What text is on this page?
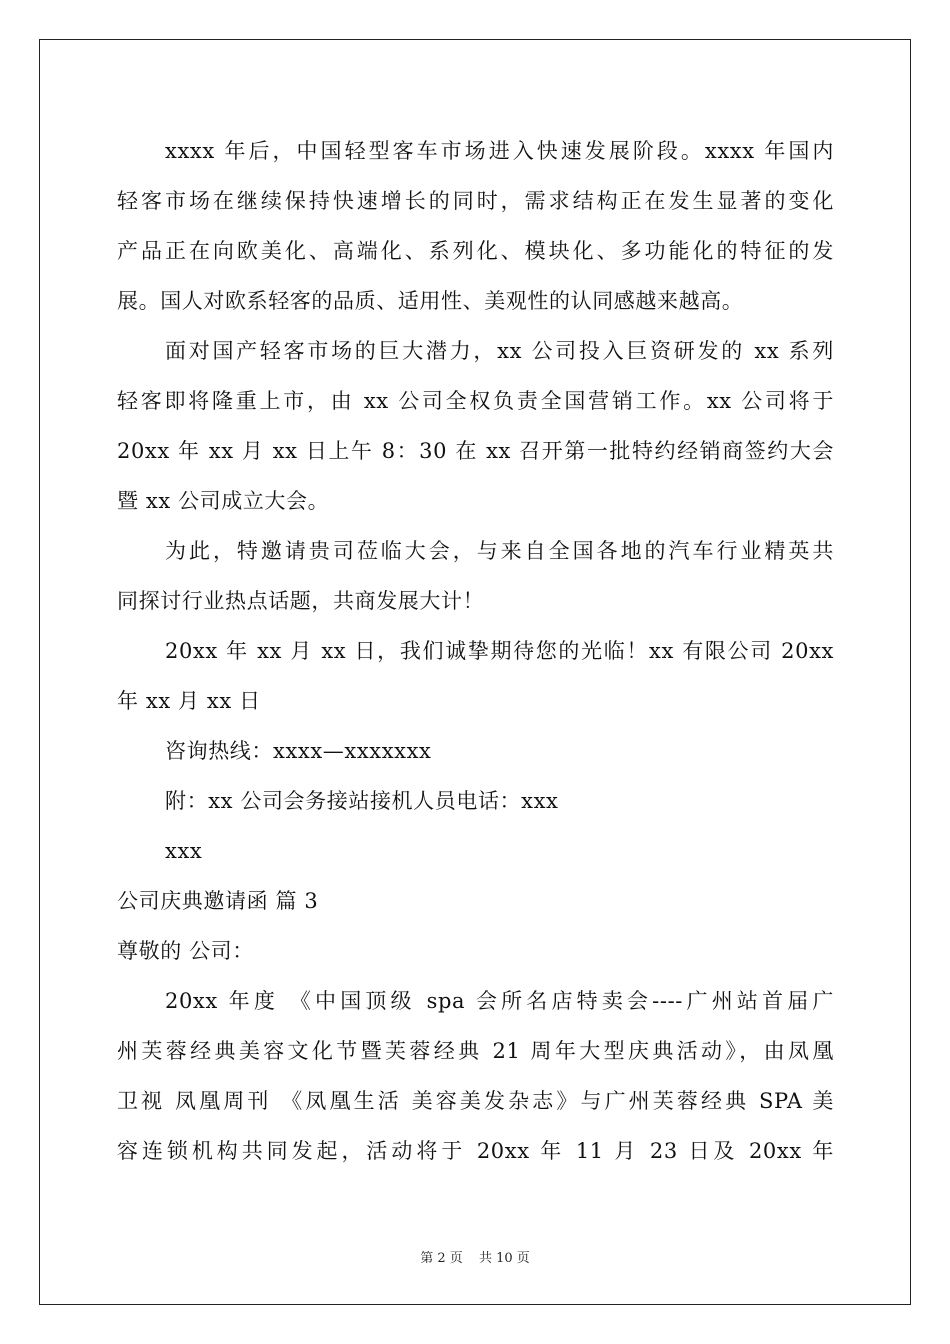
xxxx 年后，中国轻型客车市场进入快速发展阶段。xxxx 年国内
轻客市场在继续保持快速增长的同时，需求结构正在发生显著的变化
产品正在向欧美化、高端化、系列化、模块化、多功能化的特征的发
展。国人对欧系轻客的品质、适用性、美观性的认同感越来越高。
面对国产轻客市场的巨大潜力，xx 公司投入巨资研发的 xx 系列
轻客即将隆重上市，由 xx 公司全权负责全国营销工作。xx 公司将于
20xx 年 xx 月 xx 日上午 8：30 在 xx 召开第一批特约经销商签约大会
暨 xx 公司成立大会。
为此，特邀请贵司莅临大会，与来自全国各地的汽车行业精英共
同探讨行业热点话题，共商发展大计！
20xx 年 xx 月 xx 日，我们诚挚期待您的光临！xx 有限公司 20xx
年 xx 月 xx 日
咨询热线：xxxx—xxxxxxx
附：xx 公司会务接站接机人员电话：xxx
xxx
公司庆典邀请函 篇 3
尊敬的 公司：
20xx 年度 《中国顶级 spa 会所名店特卖会----广州站首届广
州芙蓉经典美容文化节暨芙蓉经典 21 周年大型庆典活动》，由凤凰
卫视 凤凰周刊 《凤凰生活 美容美发杂志》与广州芙蓉经典 SPA 美
容连锁机构共同发起，活动将于 20xx 年 11 月 23 日及 20xx 年
第 2 页 共 10 页
